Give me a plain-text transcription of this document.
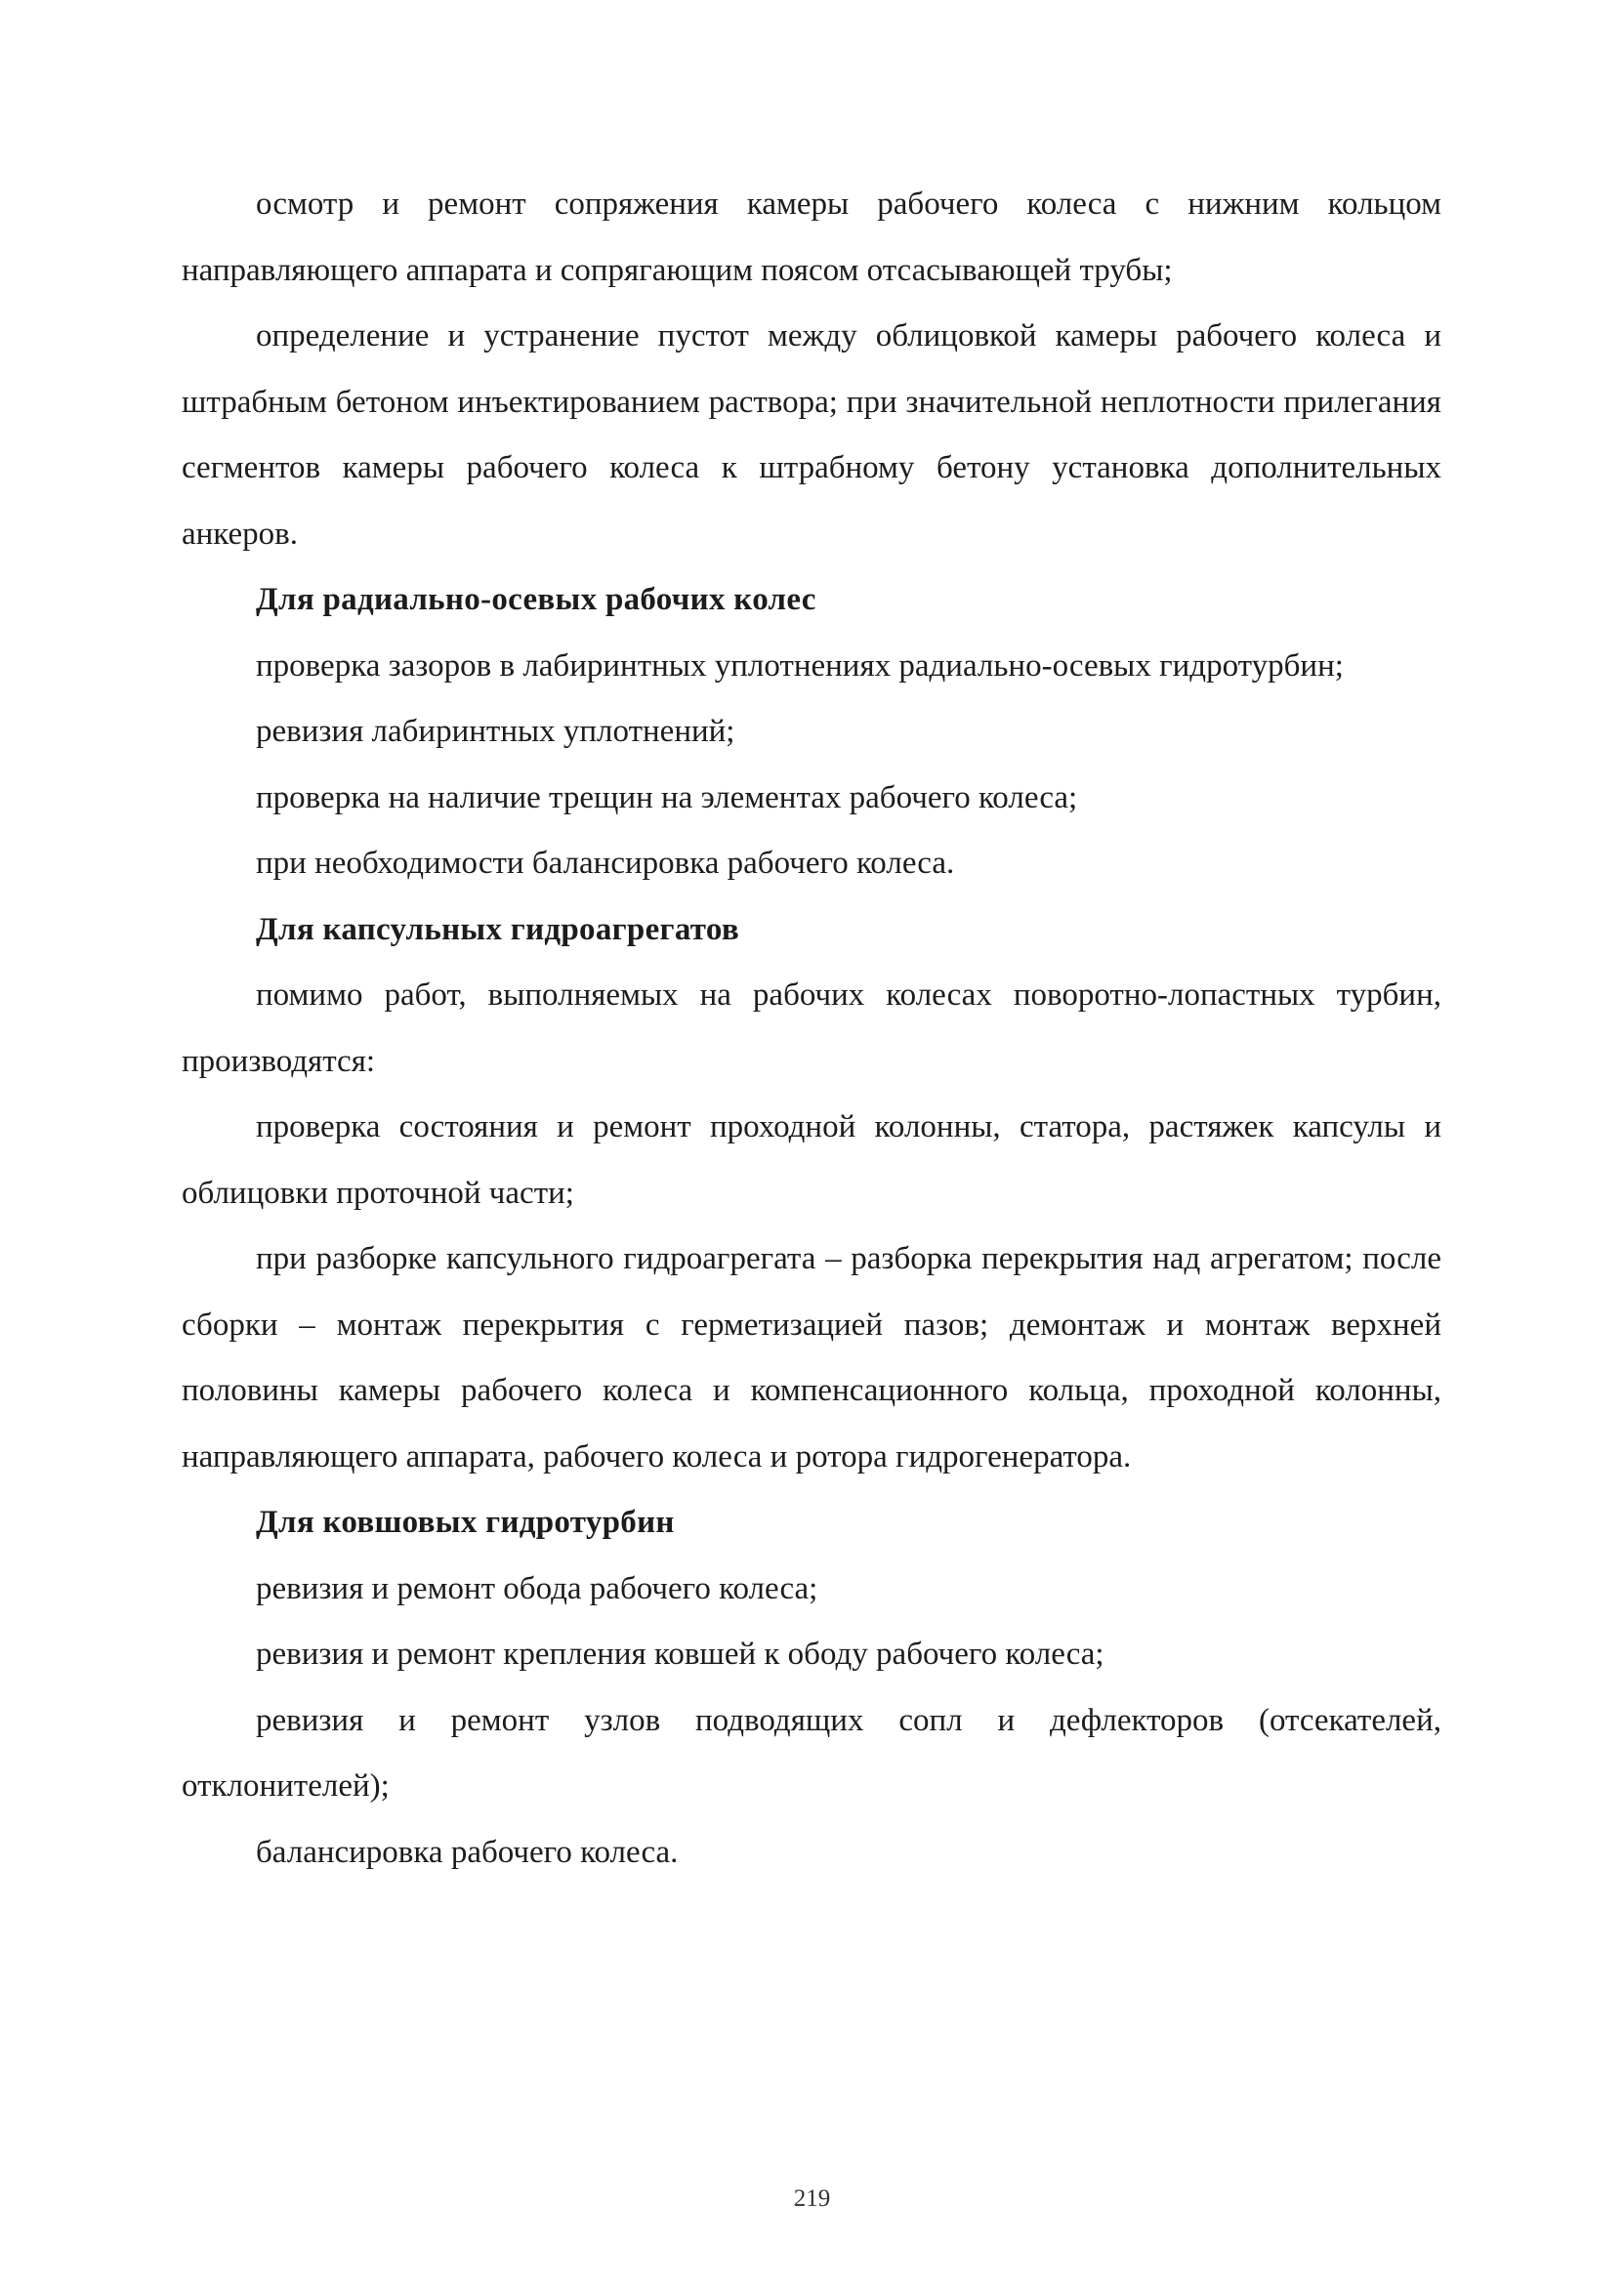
осмотр и ремонт сопряжения камеры рабочего колеса с нижним кольцом направляющего аппарата и сопрягающим поясом отсасывающей трубы;

определение и устранение пустот между облицовкой камеры рабочего колеса и штрабным бетоном инъектированием раствора; при значительной неплотности прилегания сегментов камеры рабочего колеса к штрабному бетону установка дополнительных анкеров.

Для радиально-осевых рабочих колес

проверка зазоров в лабиринтных уплотнениях радиально-осевых гидротурбин;

ревизия лабиринтных уплотнений;

проверка на наличие трещин на элементах рабочего колеса;

при необходимости балансировка рабочего колеса.

Для капсульных гидроагрегатов

помимо работ, выполняемых на рабочих колесах поворотно-лопастных турбин, производятся:

проверка состояния и ремонт проходной колонны, статора, растяжек капсулы и облицовки проточной части;

при разборке капсульного гидроагрегата – разборка перекрытия над агрегатом; после сборки – монтаж перекрытия с герметизацией пазов; демонтаж и монтаж верхней половины камеры рабочего колеса и компенсационного кольца, проходной колонны, направляющего аппарата, рабочего колеса и ротора гидрогенератора.

Для ковшовых гидротурбин

ревизия и ремонт обода рабочего колеса;

ревизия и ремонт крепления ковшей к ободу рабочего колеса;

ревизия и ремонт узлов подводящих сопл и дефлекторов (отсекателей, отклонителей);

балансировка рабочего колеса.

219
